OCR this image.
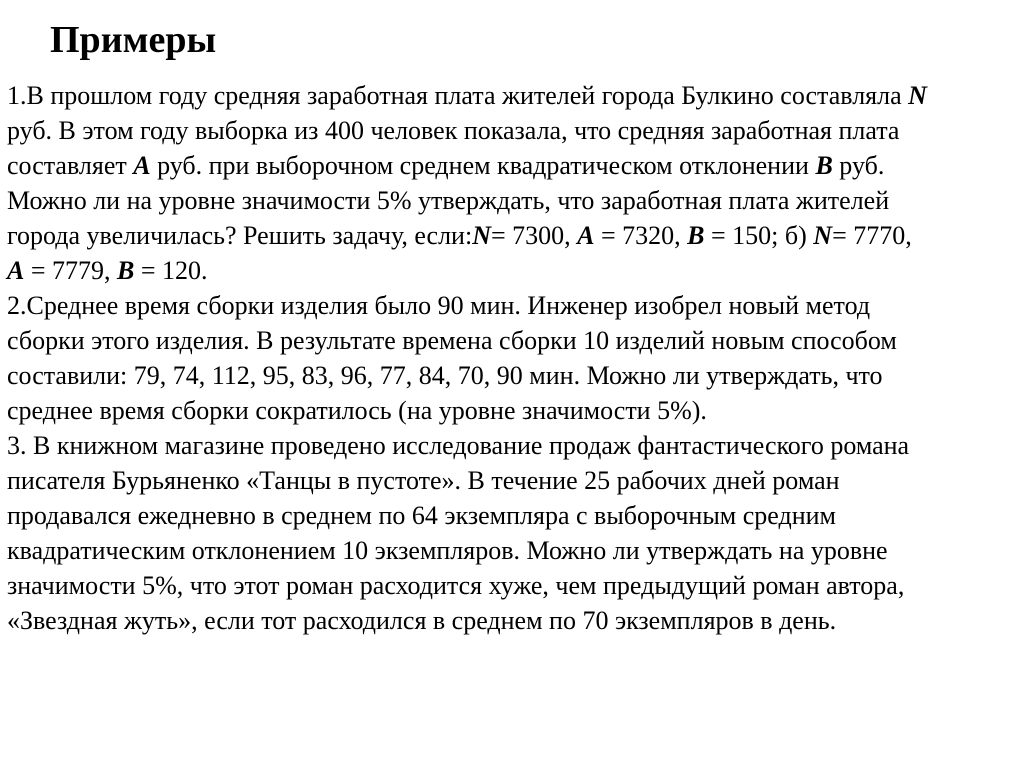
Примеры
1.В прошлом году средняя заработная плата жителей города Булкино составляла N
руб. В этом году выборка из 400 человек показала, что средняя заработная плата
составляет A руб. при выборочном среднем квадратическом отклонении B руб.
Можно ли на уровне значимости 5% утверждать, что заработная плата жителей
города увеличилась? Решить задачу, если:N= 7300, A = 7320, B = 150; б) N= 7770,
A = 7779, B = 120.
2.Среднее время сборки изделия было 90 мин. Инженер изобрел новый метод
сборки этого изделия. В результате времена сборки 10 изделий новым способом
составили: 79, 74, 112, 95, 83, 96, 77, 84, 70, 90 мин. Можно ли утверждать, что
среднее время сборки сократилось (на уровне значимости 5%).
3. В книжном магазине проведено исследование продаж фантастического романа
писателя Бурьяненко «Танцы в пустоте». В течение 25 рабочих дней роман
продавался ежедневно в среднем по 64 экземпляра с выборочным средним
квадратическим отклонением 10 экземпляров. Можно ли утверждать на уровне
значимости 5%, что этот роман расходится хуже, чем предыдущий роман автора,
«Звездная жуть», если тот расходился в среднем по 70 экземпляров в день.
